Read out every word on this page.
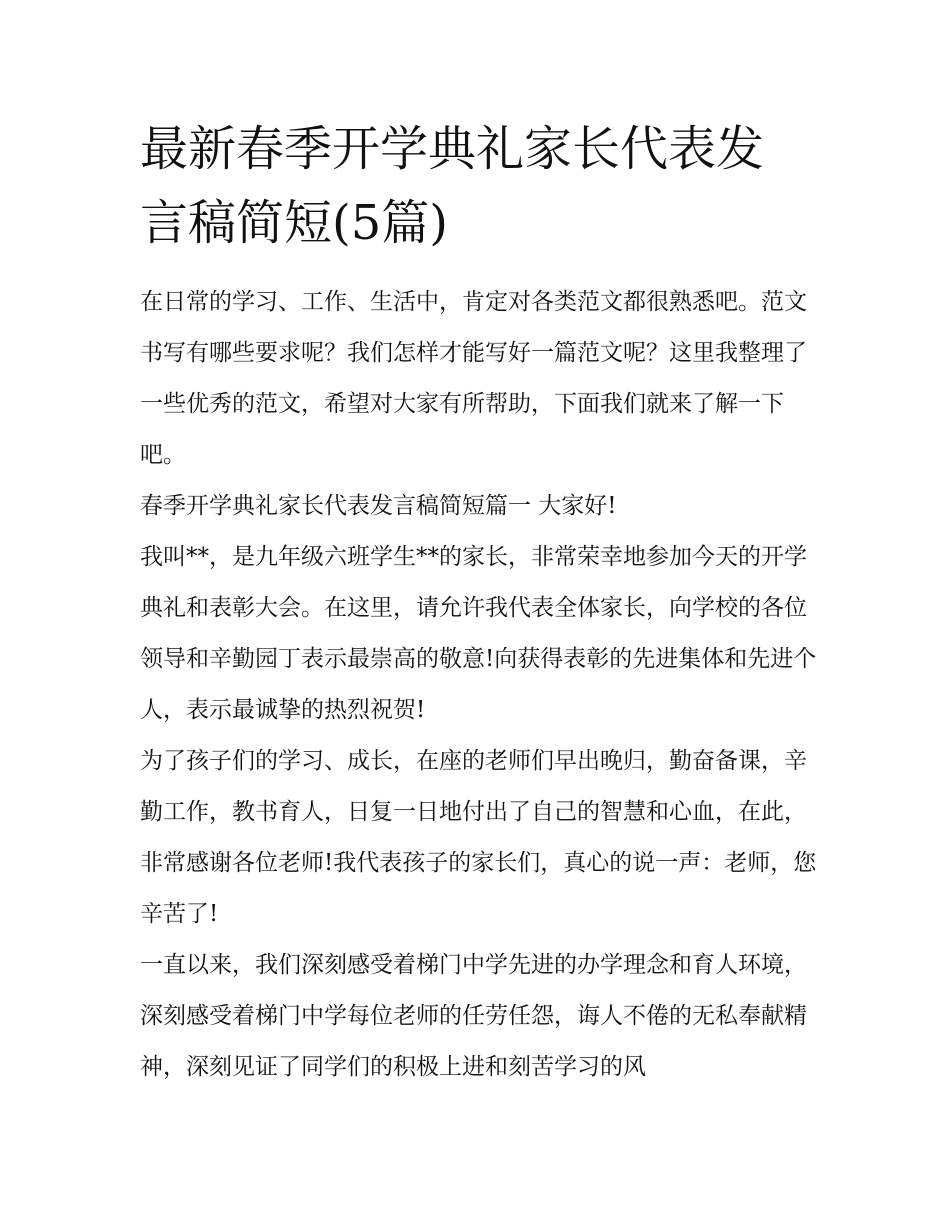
最新春季开学典礼家长代表发
言稿简短(5篇)

在日常的学习、工作、生活中，肯定对各类范文都很熟悉吧。范文书写有哪些要求呢？我们怎样才能写好一篇范文呢？这里我整理了一些优秀的范文，希望对大家有所帮助，下面我们就来了解一下吧。

春季开学典礼家长代表发言稿简短篇一 大家好!

我叫**，是九年级六班学生**的家长，非常荣幸地参加今天的开学典礼和表彰大会。在这里，请允许我代表全体家长，向学校的各位领导和辛勤园丁表示最崇高的敬意!向获得表彰的先进集体和先进个人，表示最诚挚的热烈祝贺!

为了孩子们的学习、成长，在座的老师们早出晚归，勤奋备课，辛勤工作，教书育人，日复一日地付出了自己的智慧和心血，在此，非常感谢各位老师!我代表孩子的家长们，真心的说一声：老师，您辛苦了!

一直以来，我们深刻感受着梯门中学先进的办学理念和育人环境，深刻感受着梯门中学每位老师的任劳任怨，诲人不倦的无私奉献精神，深刻见证了同学们的积极上进和刻苦学习的风
